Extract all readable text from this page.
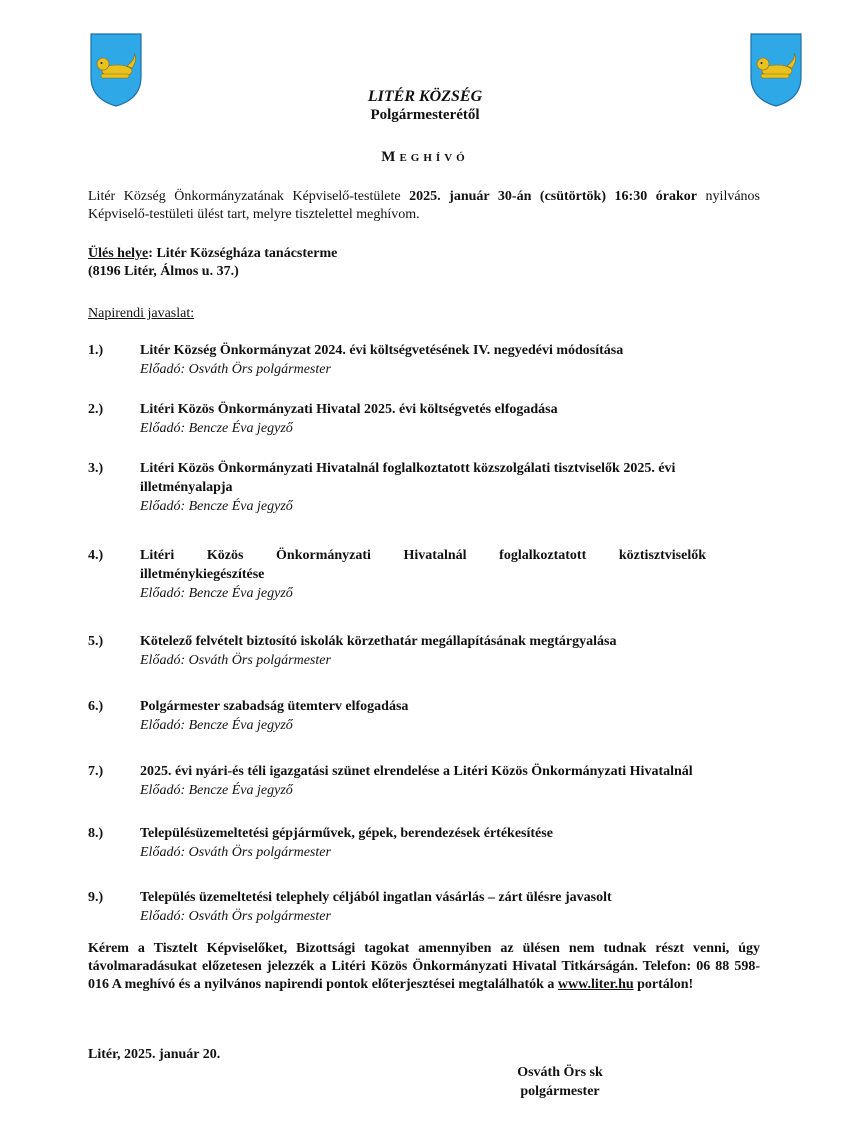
LITÉR KÖZSÉG
Polgármesterétől
MEGHÍVÓ
Litér Község Önkormányzatának Képviselő-testülete 2025. január 30-án (csütörtök) 16:30 órakor nyilvános Képviselő-testületi ülést tart, melyre tisztelettel meghívom.
Ülés helye: Litér Községháza tanácsterme
(8196 Litér, Álmos u. 37.)
Napirendi javaslat:
1.)	Litér Község Önkormányzat 2024. évi költségvetésének IV. negyedévi módosítása
Előadó: Osváth Örs polgármester
2.)	Litéri Közös Önkormányzati Hivatal 2025. évi költségvetés elfogadása
Előadó: Bencze Éva jegyző
3.)	Litéri Közös Önkormányzati Hivatalnál foglalkoztatott közszolgálati tisztviselők 2025. évi
illetményalapja
Előadó: Bencze Éva jegyző
4.)	Litéri Közös Önkormányzati Hivatalnál foglalkoztatott köztisztviselők
illetménykiegészítése
Előadó: Bencze Éva jegyző
5.)	Kötelező felvételt biztosító iskolák körzethatár megállapításának megtárgyalása
Előadó: Osváth Örs polgármester
6.)	Polgármester szabadság ütemterv elfogadása
Előadó: Bencze Éva jegyző
7.)	2025. évi nyári-és téli igazgatási szünet elrendelése a Litéri Közös Önkormányzati Hivatalnál
Előadó: Bencze Éva jegyző
8.)	Településüzemeltetési gépjárművek, gépek, berendezések értékesítése
Előadó: Osváth Örs polgármester
9.)	Település üzemeltetési telephely céljából ingatlan vásárlás – zárt ülésre javasolt
Előadó: Osváth Örs polgármester
Kérem a Tisztelt Képviselőket, Bizottsági tagokat amennyiben az ülésen nem tudnak részt venni, úgy távolmaradásukat előzetesen jelezzék a Litéri Közös Önkormányzati Hivatal Titkárságán. Telefon: 06 88 598-016 A meghívó és a nyilvános napirendi pontok előterjesztései megtalálhatók a www.liter.hu portálon!
Litér, 2025. január 20.
Osváth Örs sk
polgármester
